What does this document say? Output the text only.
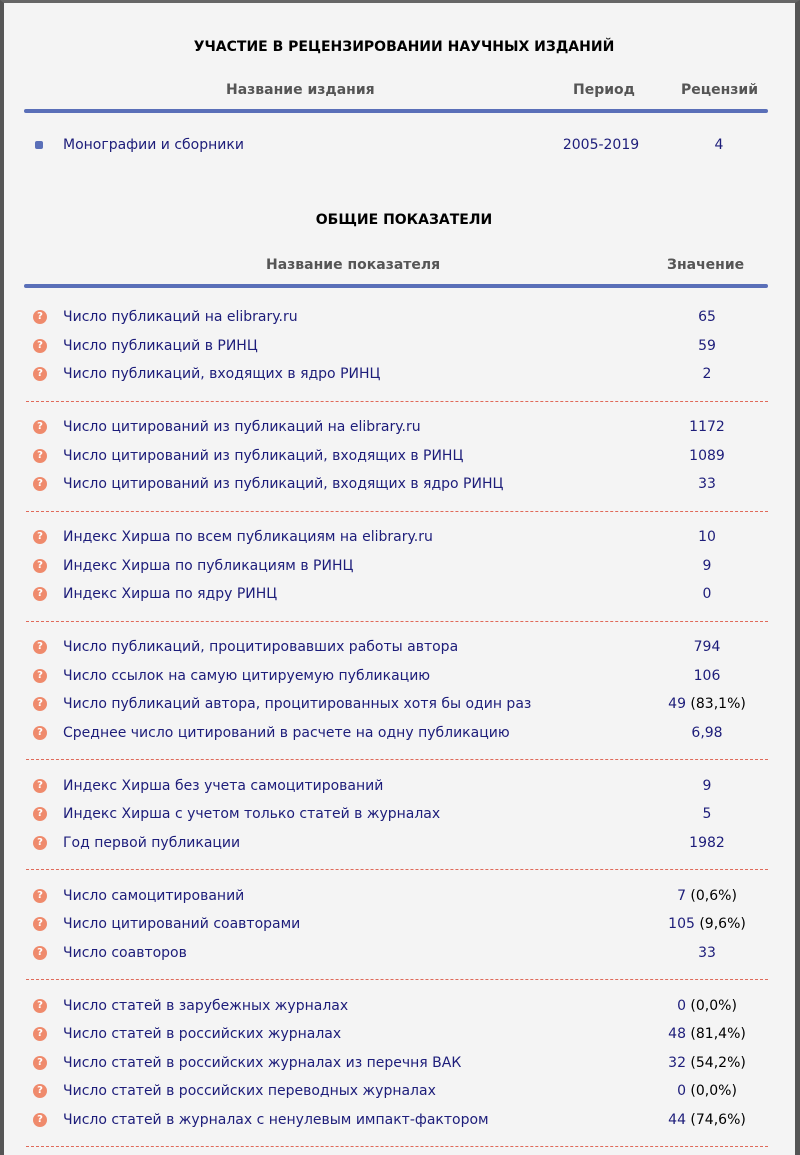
УЧАСТИЕ В РЕЦЕНЗИРОВАНИИ НАУЧНЫХ ИЗДАНИЙ
Название издания	Период	Рецензий
Монографии и сборники	2005-2019	4
ОБЩИЕ ПОКАЗАТЕЛИ
Название показателя	Значение
? Число публикаций на elibrary.ru	65
? Число публикаций в РИНЦ	59
? Число публикаций, входящих в ядро РИНЦ	2
? Число цитирований из публикаций на elibrary.ru	1172
? Число цитирований из публикаций, входящих в РИНЦ	1089
? Число цитирований из публикаций, входящих в ядро РИНЦ	33
? Индекс Хирша по всем публикациям на elibrary.ru	10
? Индекс Хирша по публикациям в РИНЦ	9
? Индекс Хирша по ядру РИНЦ	0
? Число публикаций, процитировавших работы автора	794
? Число ссылок на самую цитируемую публикацию	106
? Число публикаций автора, процитированных хотя бы один раз	49 (83,1%)
? Среднее число цитирований в расчете на одну публикацию	6,98
? Индекс Хирша без учета самоцитирований	9
? Индекс Хирша с учетом только статей в журналах	5
? Год первой публикации	1982
? Число самоцитирований	7 (0,6%)
? Число цитирований соавторами	105 (9,6%)
? Число соавторов	33
? Число статей в зарубежных журналах	0 (0,0%)
? Число статей в российских журналах	48 (81,4%)
? Число статей в российских журналах из перечня ВАК	32 (54,2%)
? Число статей в российских переводных журналах	0 (0,0%)
? Число статей в журналах с ненулевым импакт-фактором	44 (74,6%)
